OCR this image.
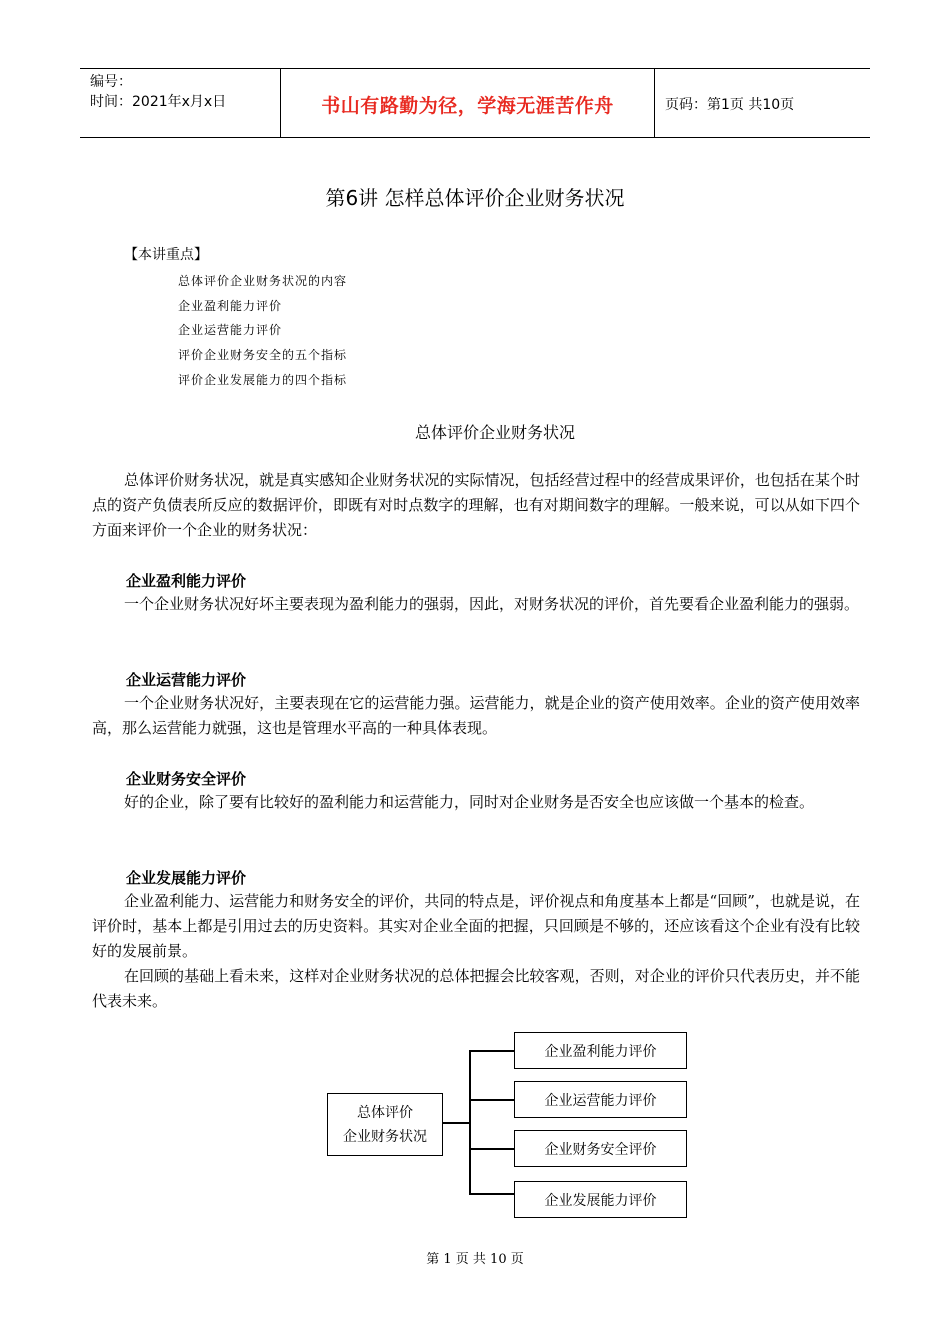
编号：
时间：2021年x月x日	书山有路勤为径，学海无涯苦作舟	页码：第1页 共10页
第6讲 怎样总体评价企业财务状况
【本讲重点】
总体评价企业财务状况的内容
企业盈利能力评价
企业运营能力评价
评价企业财务安全的五个指标
评价企业发展能力的四个指标
总体评价企业财务状况

总体评价财务状况，就是真实感知企业财务状况的实际情况，包括经营过程中的经营成果评价，也包括在某个时点的资产负债表所反应的数据评价，即既有对时点数字的理解，也有对期间数字的理解。一般来说，可以从如下四个方面来评价一个企业的财务状况：

企业盈利能力评价

一个企业财务状况好坏主要表现为盈利能力的强弱，因此，对财务状况的评价，首先要看企业盈利能力的强弱。

企业运营能力评价

一个企业财务状况好，主要表现在它的运营能力强。运营能力，就是企业的资产使用效率。企业的资产使用效率高，那么运营能力就强，这也是管理水平高的一种具体表现。

企业财务安全评价

好的企业，除了要有比较好的盈利能力和运营能力，同时对企业财务是否安全也应该做一个基本的检查。

企业发展能力评价

企业盈利能力、运营能力和财务安全的评价，共同的特点是，评价视点和角度基本上都是“回顾”，也就是说，在评价时，基本上都是引用过去的历史资料。其实对企业全面的把握，只回顾是不够的，还应该看这个企业有没有比较好的发展前景。

在回顾的基础上看未来，这样对企业财务状况的总体把握会比较客观，否则，对企业的评价只代表历史，并不能代表未来。

总体评价
企业财务状况
企业盈利能力评价
企业运营能力评价
企业财务安全评价
企业发展能力评价
第 1 页 共 10 页
